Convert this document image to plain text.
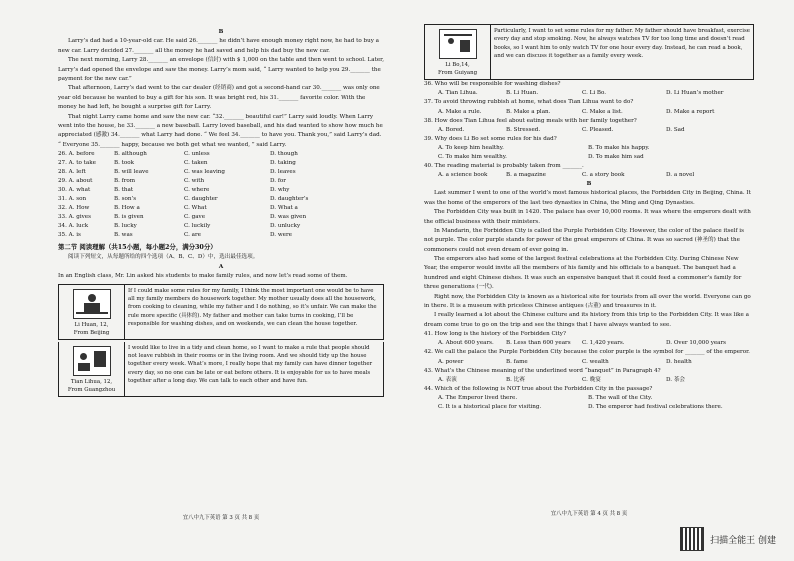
B

Larry’s dad had a 10-year-old car. He said 26._______ he didn’t have enough money right now, he had to buy a new car. Larry decided 27._______ all the money he had saved and help his dad buy the new car.

The next morning, Larry 28._______ an envelope (信封) with $ 1,000 on the table and then went to school. Later, Larry’s dad opened the envelope and saw the money. Larry’s mom said, “ Larry wanted to help you 29._______ the payment for the new car.”

That afternoon, Larry’s dad went to the car dealer (经销商) and got a second-hand car 30._______ was only one year old because he wanted to buy a gift for his son. It was bright red, his 31._______ favorite color. With the money he had left, he bought a surprise gift for Larry.

That night Larry came home and saw the new car. “32._______ beautiful car!” Larry said loudly. When Larry went into the house, he 33._______ a new baseball. Larry loved baseball, and his dad wanted to show how much he appreciated (感激) 34._______ what Larry had done. “ We feel 34._______ to have you. Thank you,” said Larry’s dad. “ Everyone 35._______ happy, because we both get what we wanted, ” said Larry.

26. A. before	B. although	C. unless	D. though
27. A. to take	B. took	C. taken	D. taking
28. A. left	B. will leave	C. was leaving	D. leaves
29. A. about	B. from	C. with	D. for
30. A. what	B. that	C. where	D. why
31. A. son	B. son’s	C. daughter	D. daughter’s
32. A. How	B. How a	C. What	D. What a
33. A. gives	B. is given	C. gave	D. was given
34. A. luck	B. lucky	C. luckily	D. unlucky
35. A. is	B. was	C. are	D. were

第二节 阅读理解（共15小题，每小题2分，满分30分）

阅读下列短文，从每题所给的四个选项（A、B、C、D）中，选出最佳选项。

A

In an English class, Mr. Lin asked his students to make family rules, and now let’s read some of them.

Li Huan, 12,
From Beijing
If I could make some rules for my family, I think the most important one would be to have all my family members do housework together. My mother usually does all the housework, from cooking to cleaning, while my father and I do nothing, so it’s unfair. We can make the rule more specific (具体的). My father and mother can take turns in cooking, I’ll be responsible for washing dishes, and on weekends, we can clean the house together.
Tian Lihua, 12,
From Guangzhou
I would like to live in a tidy and clean home, so I want to make a rule that people should not leave rubbish in their rooms or in the living room. And we should tidy up the house together every week. What’s more, I really hope that my family can have dinner together every day, so no one can be late or eat before others. It is enjoyable for us to have meals together after a long day. We can talk to each other and have fun.
宜八中九下英语 第 3 页 共 8 页
Li Bo,14,
From Guiyang
Particularly, I want to set some rules for my father. My father should have breakfast, exercise every day and stop smoking. Now, he always watches TV for too long time and doesn’t read books, so I want him to only watch TV for one hour every day. Instead, he can read a book, and we can discuss it together as a family every week.

36. Who will be responsible for washing dishes?

A. Tian Lihua.	B. Li Huan.	C. Li Bo.	D. Li Huan’s mother

37. To avoid throwing rubbish at home, what does Tian Lihua want to do?

A. Make a rule.	B. Make a plan.	C. Make a list.	D. Make a report

38. How does Tian Lihua feel about eating meals with her family together?

A. Bored.	B. Stressed.	C. Pleased.	D. Sad

39. Why does Li Bo set some rules for his dad?

A. To keep him healthy.	B. To make his happy.
C. To make him wealthy.	D. To make him sad

40. The reading material is probably taken from _______.

A. a science book	B. a magazine	C. a story book	D. a novel

B

Last summer I went to one of the world’s most famous historical places, the Forbidden City in Beijing, China. It was the home of the emperors of the last two dynasties in China, the Ming and Qing Dynasties.

The Forbidden City was built in 1420. The palace has over 10,000 rooms. It was where the emperors dealt with the official business with their ministers.

In Mandarin, the Forbidden City is called the Purple Forbidden City. However, the color of the palace itself is not purple. The color purple stands for power of the great emperors of China. It was so sacred (神圣的) that the commoners could not even dream of ever going in.

The emperors also had some of the largest festival celebrations at the Forbidden City. During Chinese New Year, the emperor would invite all the members of his family and his officials to a banquet. The banquet had a hundred and eight Chinese dishes. It was such an expensive banquet that it could feed a commoner’s family for three generations (一代).

Right now, the Forbidden City is known as a historical site for tourists from all over the world. Everyone can go in there. It is a museum with priceless Chinese antiques (古董) and treasures in it.

I really learned a lot about the Chinese culture and its history from this trip to the Forbidden City. It was like a dream come true to go on the trip and see the things that I have always wanted to see.

41. How long is the history of the Forbidden City?

A. About 600 years.	B. Less than 600 years	C. 1,420 years.	D. Over 10,000 years

42. We call the palace the Purple Forbidden City because the color purple is the symbol for _______ of the emperor.

A. power	B. fame	C. wealth	D. health

43. What’s the Chinese meaning of the underlined word “banquet” in Paragraph 4?

A. 表演	B. 比赛	C. 晚宴	D. 茶会

44. Which of the following is NOT true about the Forbidden City in the passage?

A. The Emperor lived there.	B. The wall of the City.
C. It is a historical place for visiting.	D. The emperor had festival celebrations there.
宜八中九下英语 第 4 页 共 8 页
扫描全能王 创建
